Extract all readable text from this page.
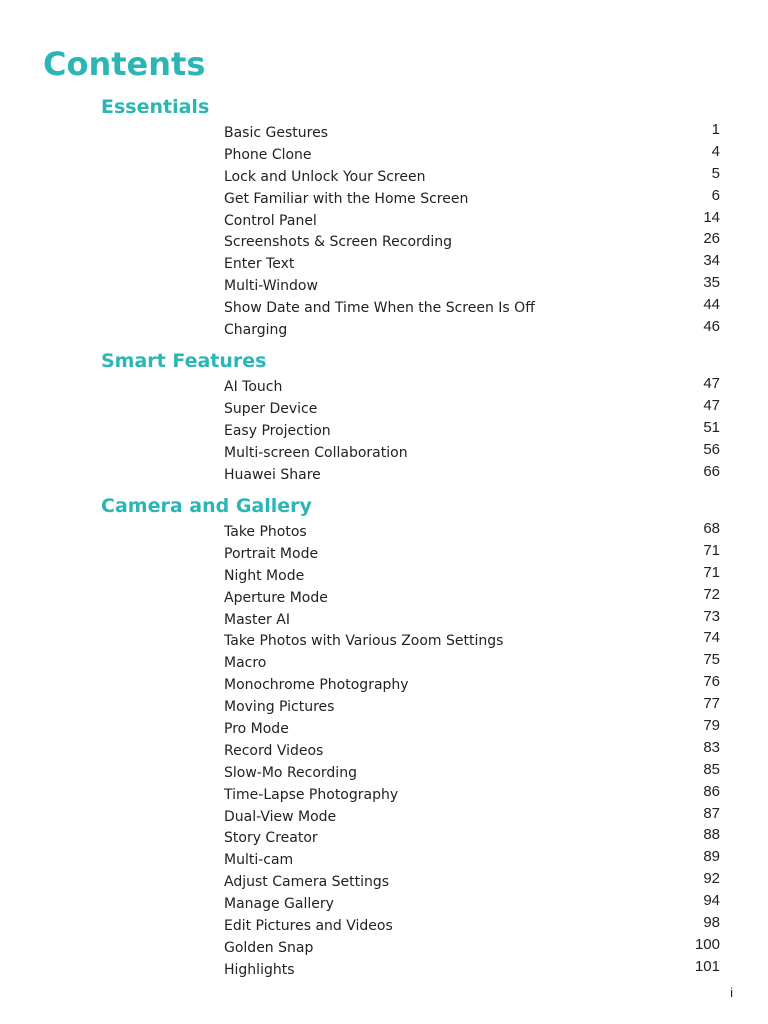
Contents
Essentials
Basic Gestures	1
Phone Clone	4
Lock and Unlock Your Screen	5
Get Familiar with the Home Screen	6
Control Panel	14
Screenshots & Screen Recording	26
Enter Text	34
Multi-Window	35
Show Date and Time When the Screen Is Off	44
Charging	46
Smart Features
AI Touch	47
Super Device	47
Easy Projection	51
Multi-screen Collaboration	56
Huawei Share	66
Camera and Gallery
Take Photos	68
Portrait Mode	71
Night Mode	71
Aperture Mode	72
Master AI	73
Take Photos with Various Zoom Settings	74
Macro	75
Monochrome Photography	76
Moving Pictures	77
Pro Mode	79
Record Videos	83
Slow-Mo Recording	85
Time-Lapse Photography	86
Dual-View Mode	87
Story Creator	88
Multi-cam	89
Adjust Camera Settings	92
Manage Gallery	94
Edit Pictures and Videos	98
Golden Snap	100
Highlights	101
i
